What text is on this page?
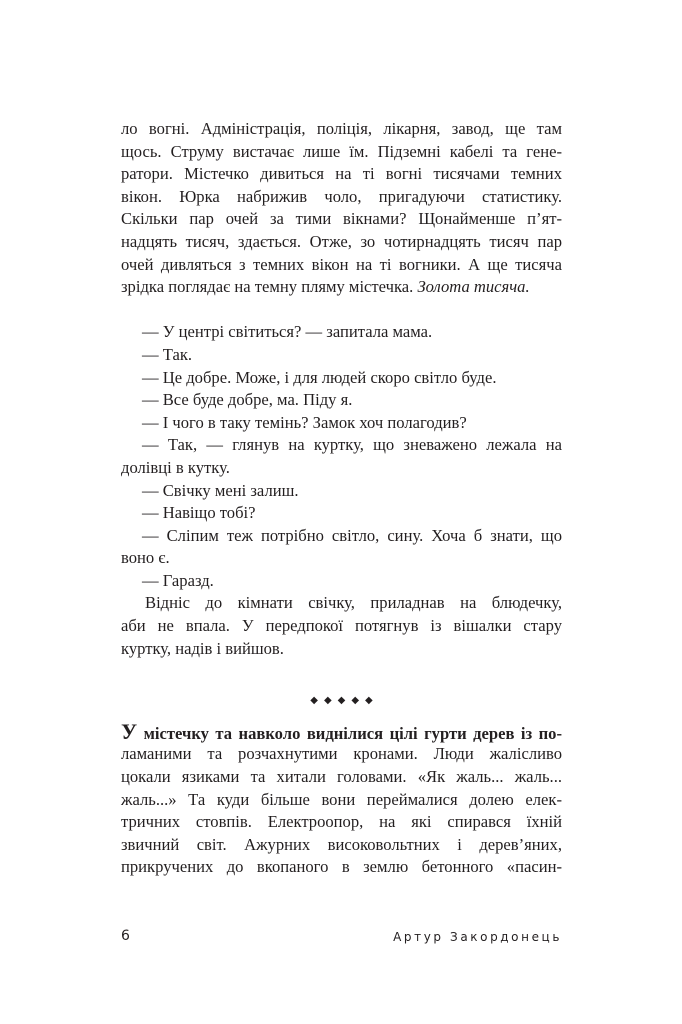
ло вогні. Адміністрація, поліція, лікарня, завод, ще там
щось. Струму вистачає лише їм. Підземні кабелі та гене-
ратори. Містечко дивиться на ті вогні тисячами темних
вікон. Юрка набрижив чоло, пригадуючи статистику.
Скільки пар очей за тими вікнами? Щонайменше п’ят-
надцять тисяч, здається. Отже, зо чотирнадцять тисяч пар
очей дивляться з темних вікон на ті вогники. А ще тисяча
зрідка поглядає на темну пляму містечка. Золота тисяча.
— У центрі світиться? — запитала мама.
— Так.
— Це добре. Може, і для людей скоро світло буде.
— Все буде добре, ма. Піду я.
— І чого в таку темінь? Замок хоч полагодив?
— Так, — глянув на куртку, що зневажено лежала на
долівці в кутку.
— Свічку мені залиш.
— Навіщо тобі?
— Сліпим теж потрібно світло, сину. Хоча б знати, що
воно є.
— Гаразд.
Відніс до кімнати свічку, приладнав на блюдечку,
аби не впала. У передпокої потягнув із вішалки стару
куртку, надів і вийшов.
◆◆◆◆◆
У містечку та навколо виднілися цілі гурти дерев із по-
ламаними та розчахнутими кронами. Люди жалісливо
цокали язиками та хитали головами. «Як жаль... жаль...
жаль...» Та куди більше вони переймалися долею елек-
тричних стовпів. Електроопор, на які спирався їхній
звичний світ. Ажурних високовольтних і дерев’яних,
прикручених до вкопаного в землю бетонного «пасин-
6	Артур Закордонець
